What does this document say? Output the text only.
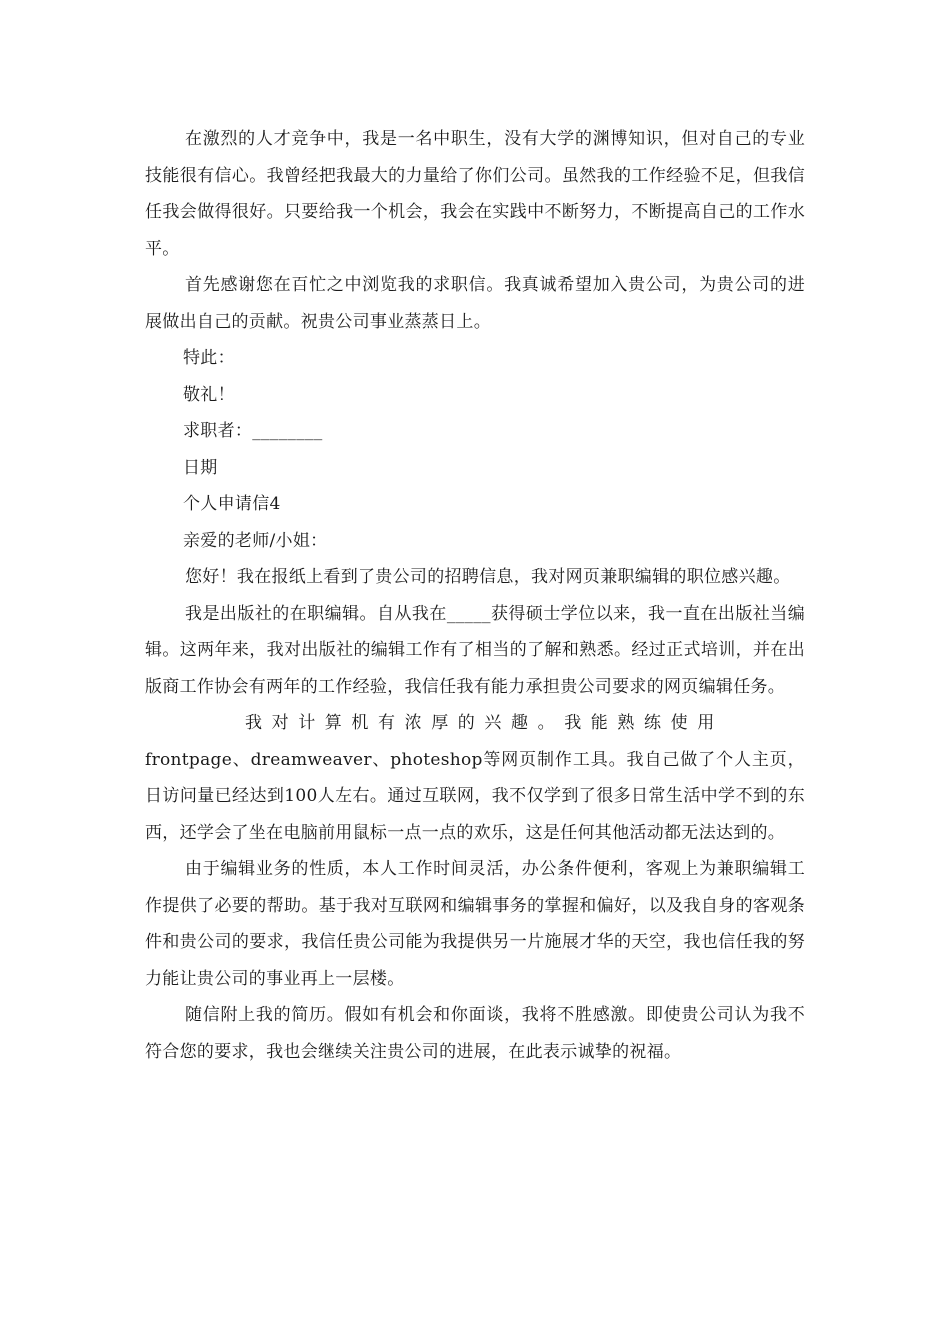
在激烈的人才竞争中，我是一名中职生，没有大学的渊博知识，但对自己的专业技能很有信心。我曾经把我最大的力量给了你们公司。虽然我的工作经验不足，但我信任我会做得很好。只要给我一个机会，我会在实践中不断努力，不断提高自己的工作水平。

首先感谢您在百忙之中浏览我的求职信。我真诚希望加入贵公司，为贵公司的进展做出自己的贡献。祝贵公司事业蒸蒸日上。

特此：

敬礼！

求职者：________

日期

个人申请信4

亲爱的老师/小姐：

您好！我在报纸上看到了贵公司的招聘信息，我对网页兼职编辑的职位感兴趣。

我是出版社的在职编辑。自从我在_____获得硕士学位以来，我一直在出版社当编辑。这两年来，我对出版社的编辑工作有了相当的了解和熟悉。经过正式培训，并在出版商工作协会有两年的工作经验，我信任我有能力承担贵公司要求的网页编辑任务。

我对计算机有浓厚的兴趣。我能熟练使用

frontpage、dreamweaver、photeshop等网页制作工具。我自己做了个人主页，日访问量已经达到100人左右。通过互联网，我不仅学到了很多日常生活中学不到的东西，还学会了坐在电脑前用鼠标一点一点的欢乐，这是任何其他活动都无法达到的。

由于编辑业务的性质，本人工作时间灵活，办公条件便利，客观上为兼职编辑工作提供了必要的帮助。基于我对互联网和编辑事务的掌握和偏好，以及我自身的客观条件和贵公司的要求，我信任贵公司能为我提供另一片施展才华的天空，我也信任我的努力能让贵公司的事业再上一层楼。

随信附上我的简历。假如有机会和你面谈，我将不胜感激。即使贵公司认为我不符合您的要求，我也会继续关注贵公司的进展，在此表示诚挚的祝福。
